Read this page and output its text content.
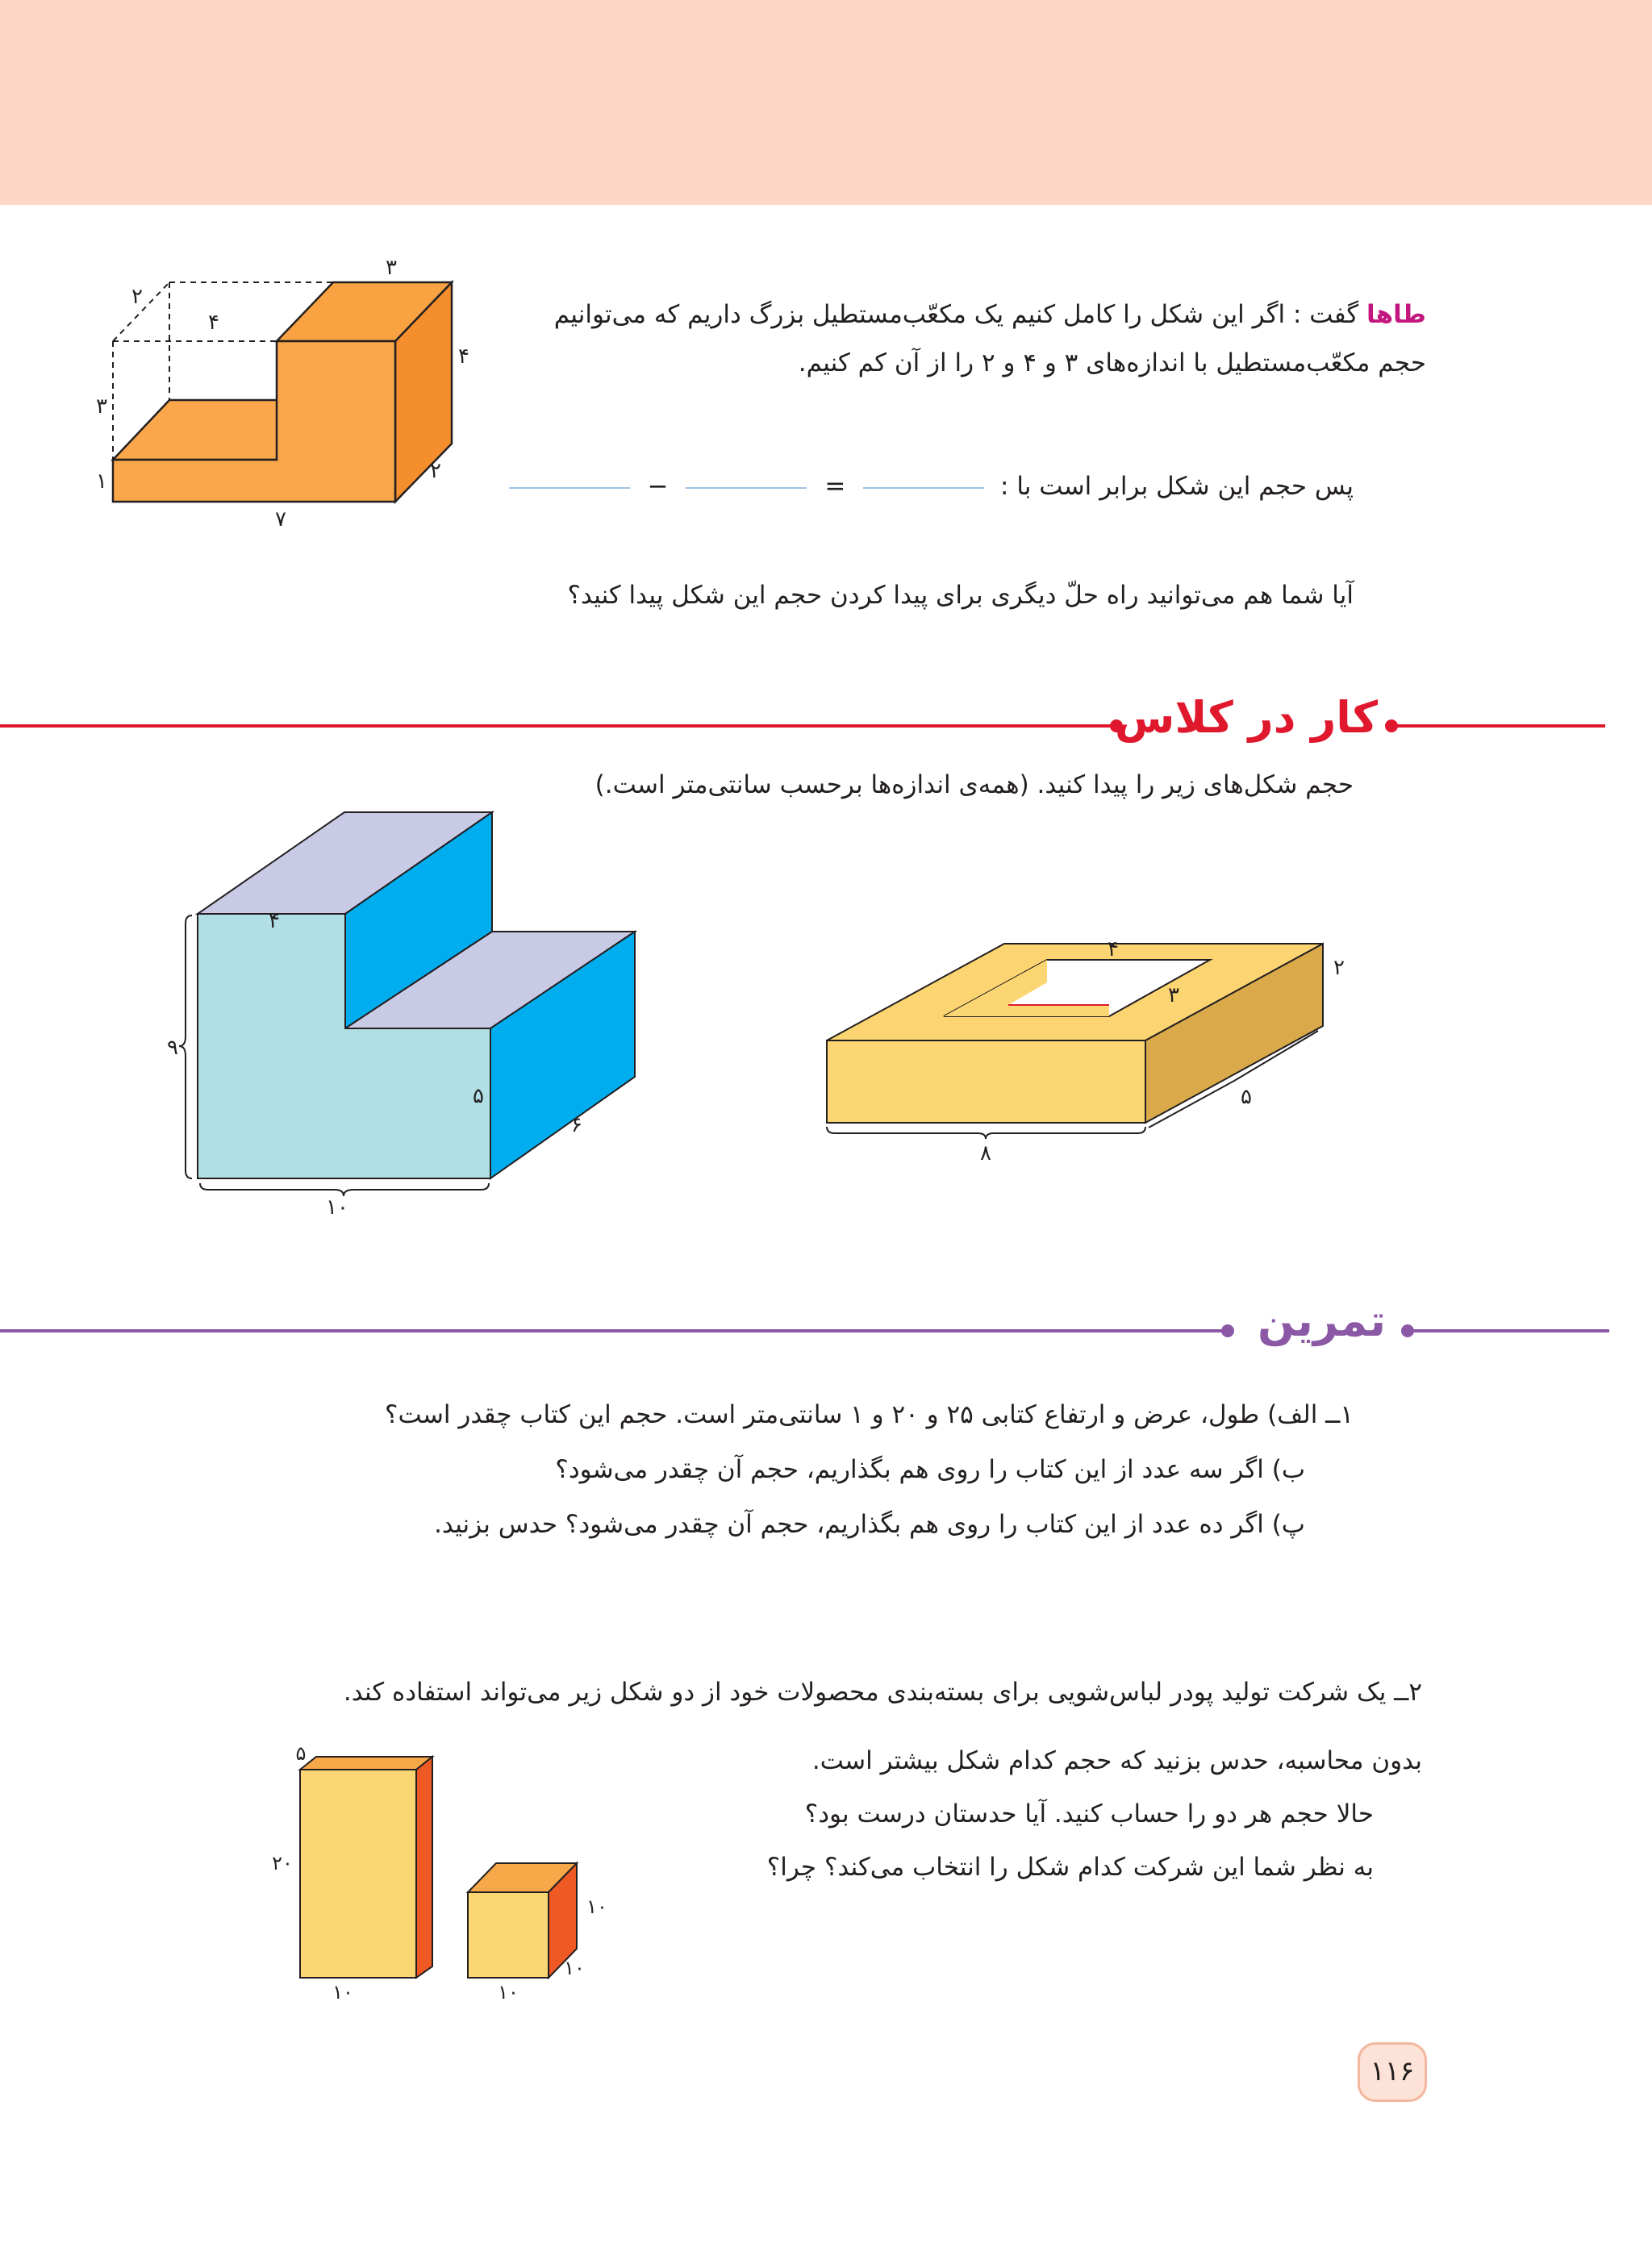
۳
۲
۴
۴
۳
۱
۷
۲
طاها گفت : اگر این شکل را کامل کنیم یک مکعّب‌مستطیل بزرگ داریم که می‌توانیم
حجم مکعّب‌مستطیل با اندازه‌های ۳ و ۴ و ۲ را از آن کم کنیم.
پس حجم این شکل برابر است با :  =  −
آیا شما هم می‌توانید راه حلّ دیگری برای پیدا کردن حجم این شکل پیدا کنید؟
کار در کلاس
حجم شکل‌های زیر را پیدا کنید. (همه‌ی اندازه‌ها برحسب سانتی‌متر است.)
۴
۹
۵
۶
۱۰
۴
۳
۲
۸
۵
تمرین
۱ــ الف) طول، عرض و ارتفاع کتابی ۲۵ و ۲۰ و ۱ سانتی‌متر است. حجم این کتاب چقدر است؟
ب) اگر سه عدد از این کتاب را روی هم بگذاریم، حجم آن چقدر می‌شود؟
پ) اگر ده عدد از این کتاب را روی هم بگذاریم، حجم آن چقدر می‌شود؟ حدس بزنید.
۲ــ یک شرکت تولید پودر لباس‌شویی برای بسته‌بندی محصولات خود از دو شکل زیر می‌تواند استفاده کند.
بدون محاسبه، حدس بزنید که حجم کدام شکل بیشتر است.
حالا حجم هر دو را حساب کنید. آیا حدستان درست بود؟
به نظر شما این شرکت کدام شکل را انتخاب می‌کند؟ چرا؟
۵
۲۰
۱۰
۱۰
۱۰
۱۰
۱۱۶
